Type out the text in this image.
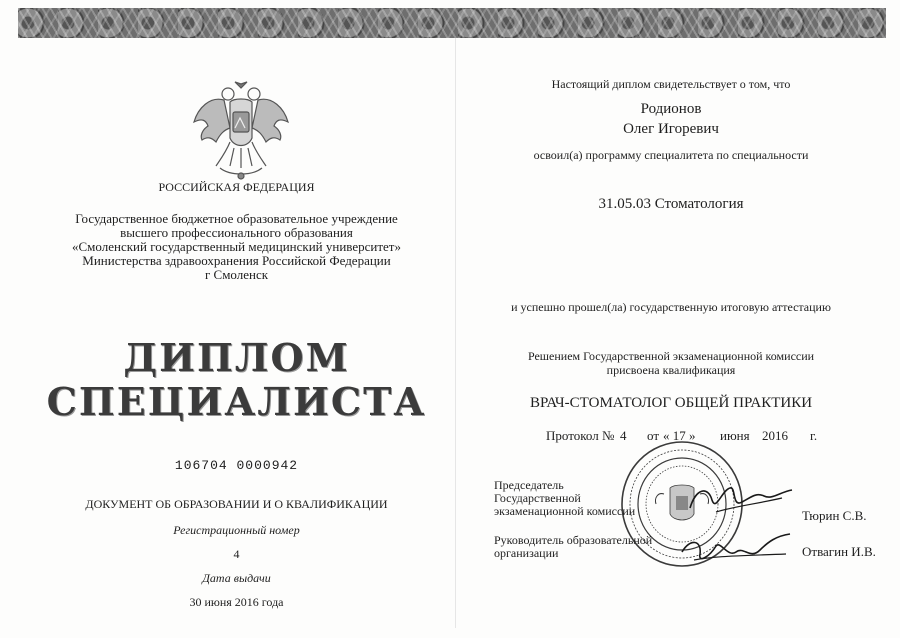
РОССИЙСКАЯ ФЕДЕРАЦИЯ
Государственное бюджетное образовательное учреждение
высшего профессионального образования
«Смоленский государственный медицинский университет»
Министерства здравоохранения Российской Федерации
г Смоленск
ДИПЛОМ
СПЕЦИАЛИСТА
106704 0000942
ДОКУМЕНТ ОБ ОБРАЗОВАНИИ И О КВАЛИФИКАЦИИ
Регистрационный номер
4
Дата выдачи
30 июня 2016 года
Настоящий диплом свидетельствует о том, что
Родионов
Олег Игоревич
освоил(а) программу специалитета по специальности
31.05.03 Стоматология
и успешно прошел(ла) государственную итоговую аттестацию
Решением Государственной экзаменационной комиссии
присвоена квалификация
ВРАЧ-СТОМАТОЛОГ ОБЩЕЙ ПРАКТИКИ
Протокол № 4 от « 17 » июня 2016 г.
Председатель
Государственной
экзаменационной комиссии	Тюрин С.В.
Руководитель образовательной
организации	Отвагин И.В.
